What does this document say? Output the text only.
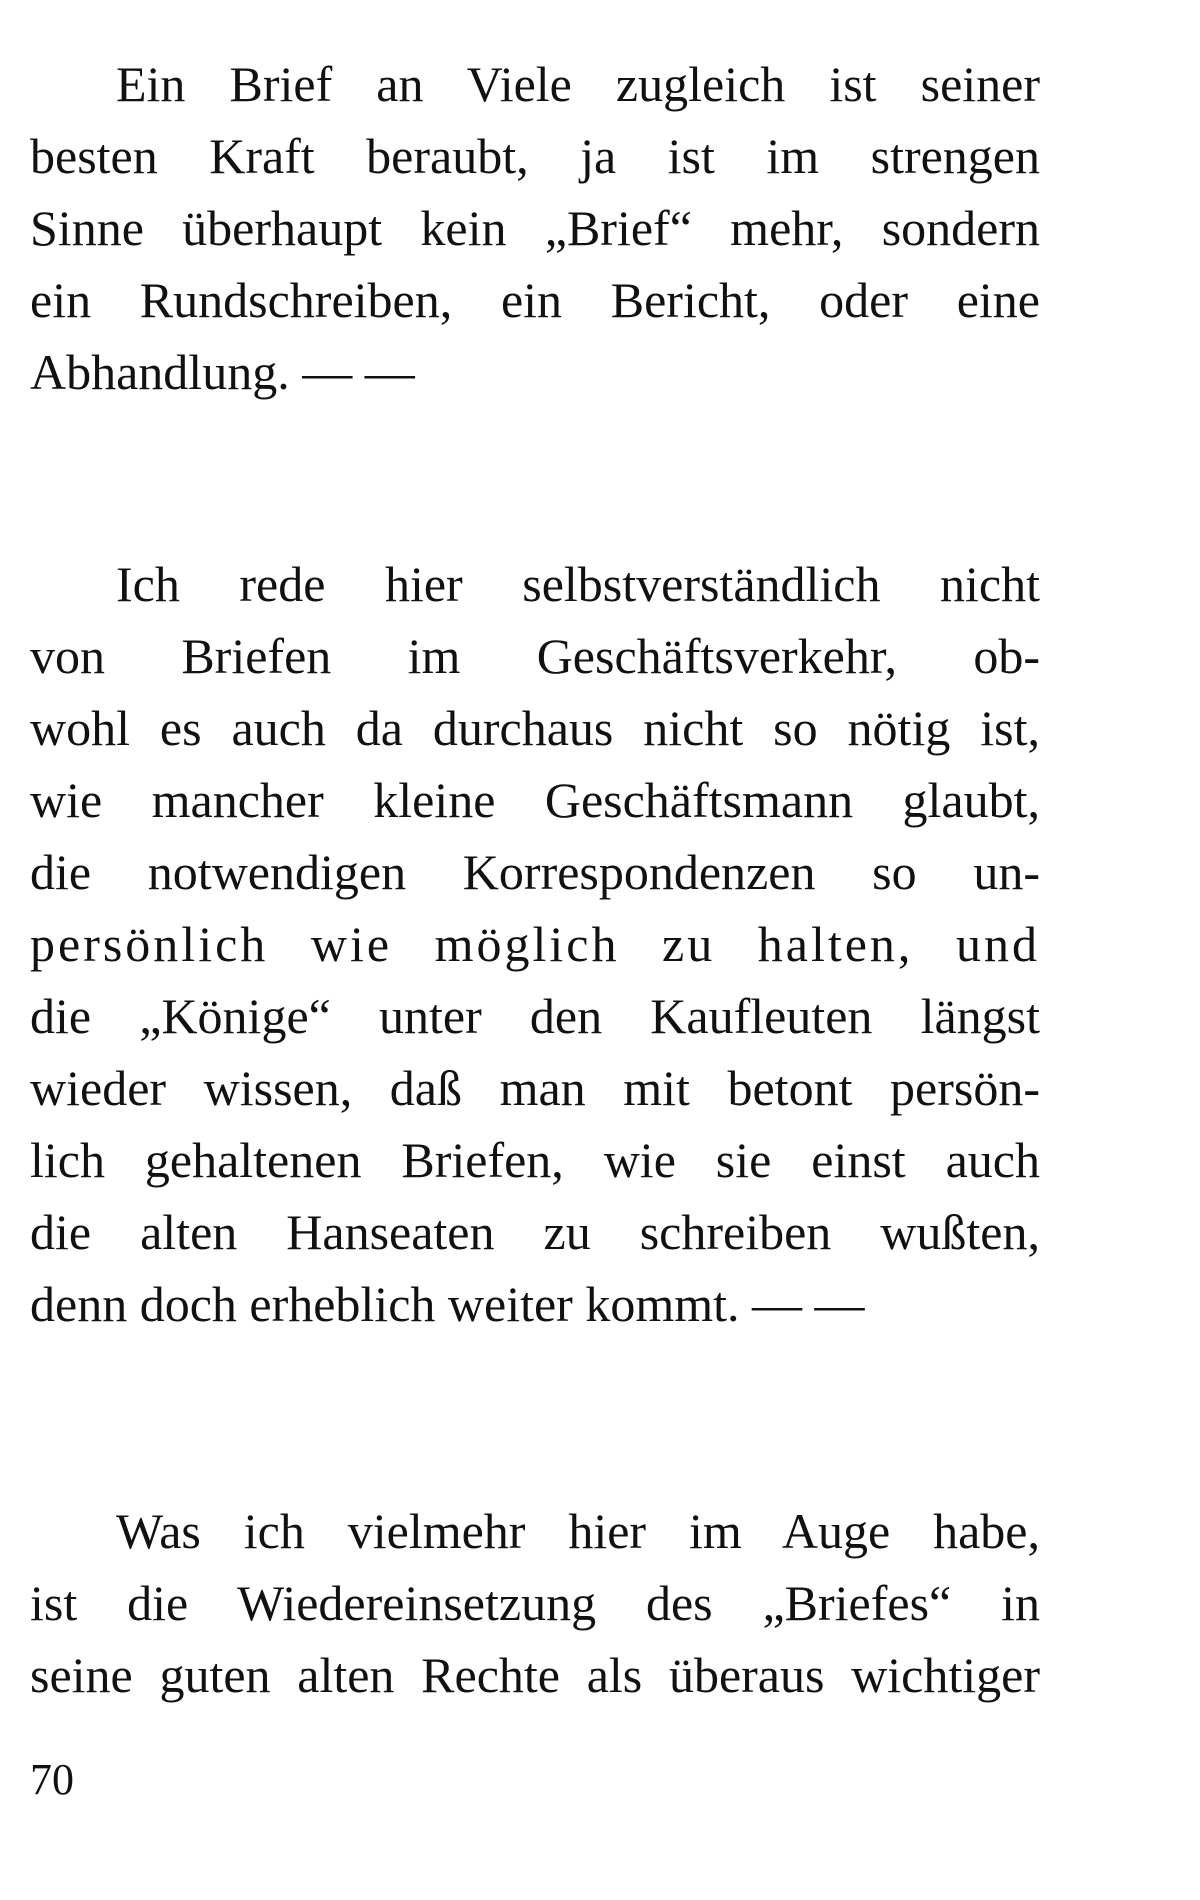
Ein Brief an Viele zugleich ist seiner
besten Kraft beraubt, ja ist im strengen
Sinne überhaupt kein „Brief“ mehr, sondern
ein Rundschreiben, ein Bericht, oder eine
Abhandlung. — —
Ich rede hier selbstverständlich nicht
von Briefen im Geschäftsverkehr, ob-
wohl es auch da durchaus nicht so nötig ist,
wie mancher kleine Geschäftsmann glaubt,
die notwendigen Korrespondenzen so un-
persönlich wie möglich zu halten, und
die „Könige“ unter den Kaufleuten längst
wieder wissen, daß man mit betont persön-
lich gehaltenen Briefen, wie sie einst auch
die alten Hanseaten zu schreiben wußten,
denn doch erheblich weiter kommt. — —
Was ich vielmehr hier im Auge habe,
ist die Wiedereinsetzung des „Briefes“ in
seine guten alten Rechte als überaus wichtiger
70
